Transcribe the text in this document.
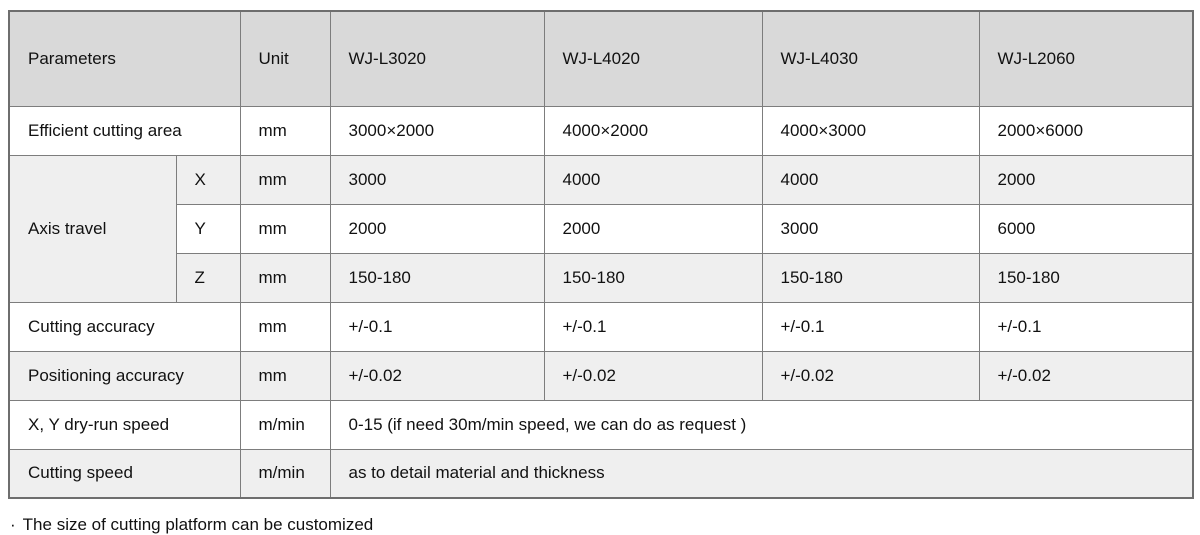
Parameters		Unit	WJ-L3020	WJ-L4020	WJ-L4030	WJ-L2060
Efficient cutting area		mm	3000×2000	4000×2000	4000×3000	2000×6000
Axis travel	X	mm	3000	4000	4000	2000
	Y	mm	2000	2000	3000	6000
	Z	mm	150-180	150-180	150-180	150-180
Cutting accuracy		mm	+/-0.1	+/-0.1	+/-0.1	+/-0.1
Positioning accuracy		mm	+/-0.02	+/-0.02	+/-0.02	+/-0.02
X, Y dry-run speed		m/min	0-15 (if need 30m/min speed, we can do as request )			
Cutting speed		m/min	as to detail material and thickness			
· The size of cutting platform can be customized
